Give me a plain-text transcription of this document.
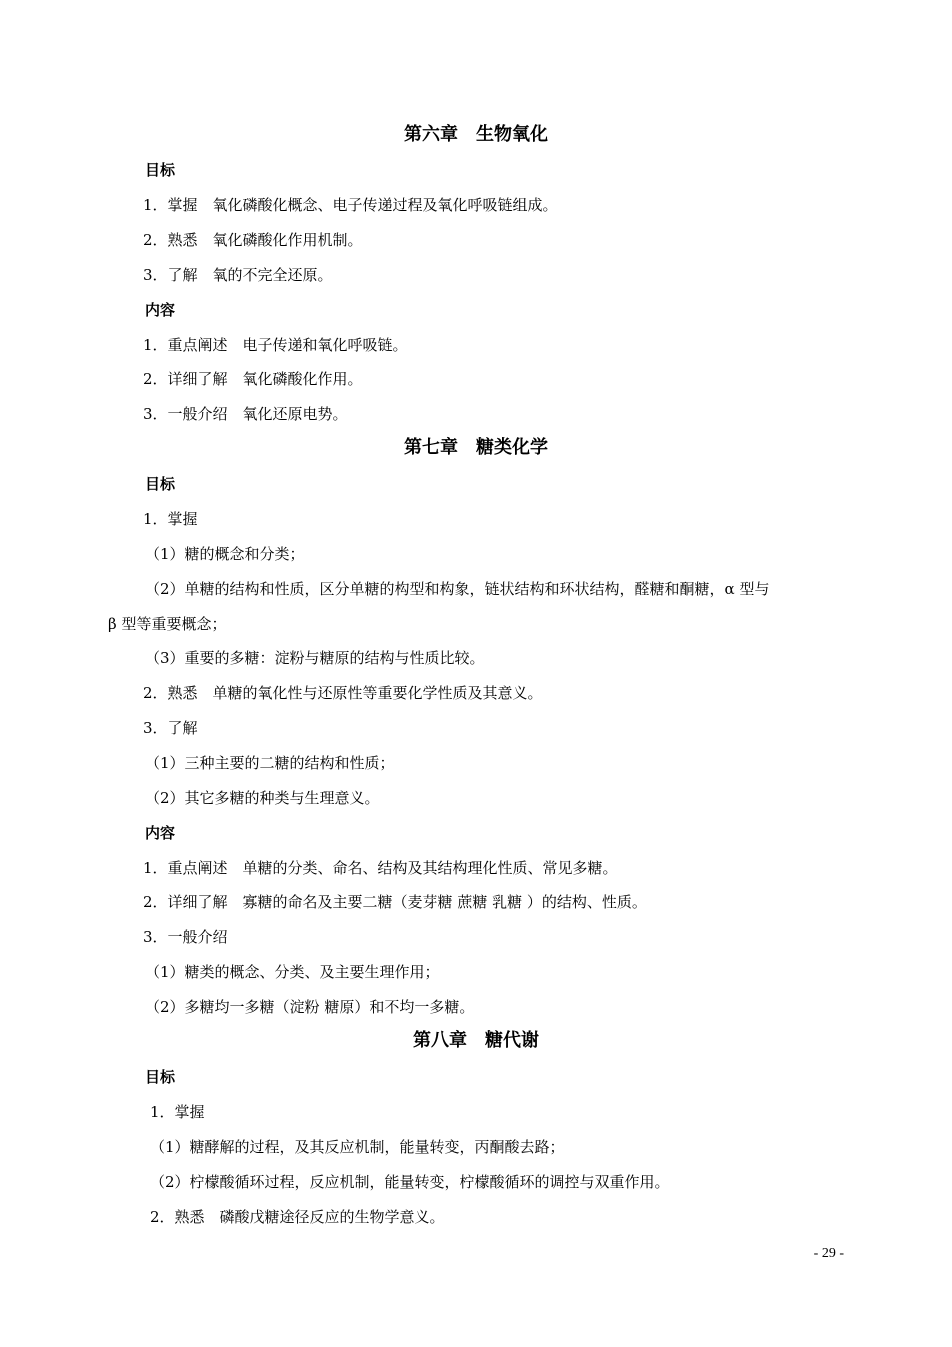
第六章　生物氧化
目标
1．掌握　氧化磷酸化概念、电子传递过程及氧化呼吸链组成。
2．熟悉　氧化磷酸化作用机制。
3．了解　氧的不完全还原。
内容
1．重点阐述　电子传递和氧化呼吸链。
2．详细了解　氧化磷酸化作用。
3．一般介绍　氧化还原电势。
第七章　糖类化学
目标
1．掌握
（1）糖的概念和分类；
（2）单糖的结构和性质，区分单糖的构型和构象，链状结构和环状结构，醛糖和酮糖，α 型与
β 型等重要概念；
（3）重要的多糖：淀粉与糖原的结构与性质比较。
2．熟悉　单糖的氧化性与还原性等重要化学性质及其意义。
3．了解
（1）三种主要的二糖的结构和性质；
（2）其它多糖的种类与生理意义。
内容
1．重点阐述　单糖的分类、命名、结构及其结构理化性质、常见多糖。
2．详细了解　寡糖的命名及主要二糖（麦芽糖 蔗糖 乳糖 ）的结构、性质。
3．一般介绍
（1）糖类的概念、分类、及主要生理作用；
（2）多糖均一多糖（淀粉 糖原）和不均一多糖。
第八章　糖代谢
目标
1．掌握
（1）糖酵解的过程，及其反应机制，能量转变，丙酮酸去路；
（2）柠檬酸循环过程，反应机制，能量转变，柠檬酸循环的调控与双重作用。
2．熟悉　磷酸戊糖途径反应的生物学意义。
- 29 -
